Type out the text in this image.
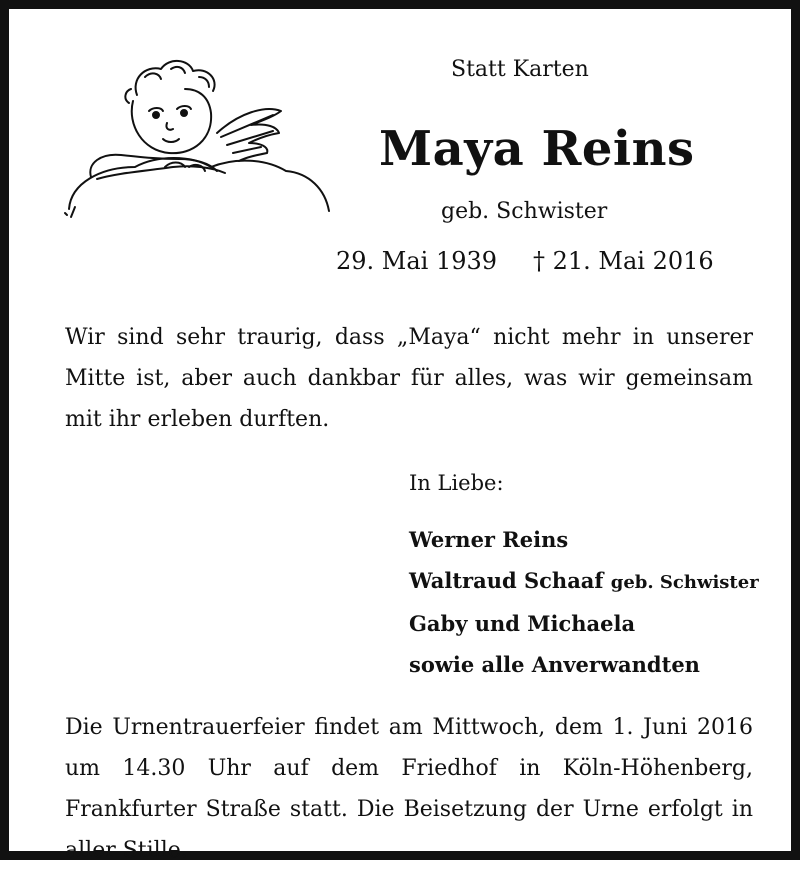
Statt Karten
Maya Reins
geb. Schwister
29. Mai 1939 † 21. Mai 2016
Wir sind sehr traurig, dass „Maya“ nicht mehr in unserer Mitte ist, aber auch dankbar für alles, was wir gemeinsam mit ihr erleben durften.
In Liebe:
Werner Reins
Waltraud Schaaf geb. Schwister
Gaby und Michaela
sowie alle Anverwandten
Die Urnentrauerfeier findet am Mittwoch, dem 1. Juni 2016 um 14.30 Uhr auf dem Friedhof in Köln-Höhenberg, Frankfurter Straße statt. Die Beisetzung der Urne erfolgt in aller Stille.
